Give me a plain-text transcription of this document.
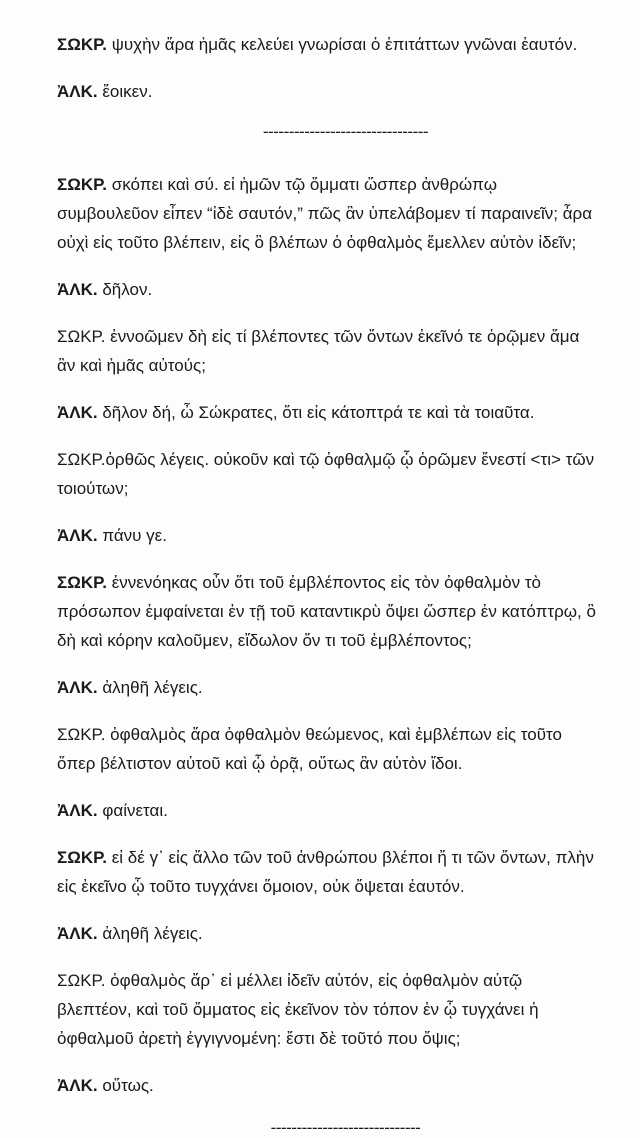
ΣΩΚΡ. ψυχὴν ἄρα ἡμᾶς κελεύει γνωρίσαι ὁ ἐπιτάττων γνῶναι ἑαυτόν.
ἈΛΚ. ἔοικεν.
--------------------------------
ΣΩΚΡ. σκόπει καὶ σύ. εἰ ἡμῶν τῷ ὄμματι ὥσπερ ἀνθρώπῳ συμβουλεῦον εἶπεν “ἰδὲ σαυτόν,” πῶς ἂν ὑπελάβομεν τί παραινεῖν; ἆρα οὐχὶ εἰς τοῦτο βλέπειν, εἰς ὃ βλέπων ὁ ὀφθαλμὸς ἔμελλεν αὑτὸν ἰδεῖν;
ἈΛΚ. δῆλον.
ΣΩΚΡ. ἐννοῶμεν δὴ εἰς τί βλέποντες τῶν ὄντων ἐκεῖνό τε ὁρῷμεν ἅμα ἂν καὶ ἡμᾶς αὐτούς;
ἈΛΚ. δῆλον δή, ὦ Σώκρατες, ὅτι εἰς κάτοπτρά τε καὶ τὰ τοιαῦτα.
ΣΩΚΡ.ὀρθῶς λέγεις. οὐκοῦν καὶ τῷ ὀφθαλμῷ ᾧ ὁρῶμεν ἔνεστί <τι> τῶν τοιούτων;
ἈΛΚ. πάνυ γε.
ΣΩΚΡ. ἐννενόηκας οὖν ὅτι τοῦ ἐμβλέποντος εἰς τὸν ὀφθαλμὸν τὸ πρόσωπον ἐμφαίνεται ἐν τῇ τοῦ καταντικρὺ ὄψει ὥσπερ ἐν κατόπτρῳ, ὃ δὴ καὶ κόρην καλοῦμεν, εἴδωλον ὄν τι τοῦ ἐμβλέποντος;
ἈΛΚ. ἀληθῆ λέγεις.
ΣΩΚΡ. ὀφθαλμὸς ἄρα ὀφθαλμὸν θεώμενος, καὶ ἐμβλέπων εἰς τοῦτο ὅπερ βέλτιστον αὐτοῦ καὶ ᾧ ὁρᾷ, οὕτως ἂν αὑτὸν ἴδοι.
ἈΛΚ. φαίνεται.
ΣΩΚΡ. εἰ δέ γ᾽ εἰς ἄλλο τῶν τοῦ ἀνθρώπου βλέποι ἤ τι τῶν ὄντων, πλὴν εἰς ἐκεῖνο ᾧ τοῦτο τυγχάνει ὅμοιον, οὐκ ὄψεται ἑαυτόν.
ἈΛΚ. ἀληθῆ λέγεις.
ΣΩΚΡ. ὀφθαλμὸς ἄρ᾽ εἰ μέλλει ἰδεῖν αὑτόν, εἰς ὀφθαλμὸν αὐτῷ βλεπτέον, καὶ τοῦ ὄμματος εἰς ἐκεῖνον τὸν τόπον ἐν ᾧ τυγχάνει ἡ ὀφθαλμοῦ ἀρετὴ ἐγγιγνομένη: ἔστι δὲ τοῦτό που ὄψις;
ἈΛΚ. οὕτως.
-----------------------------
